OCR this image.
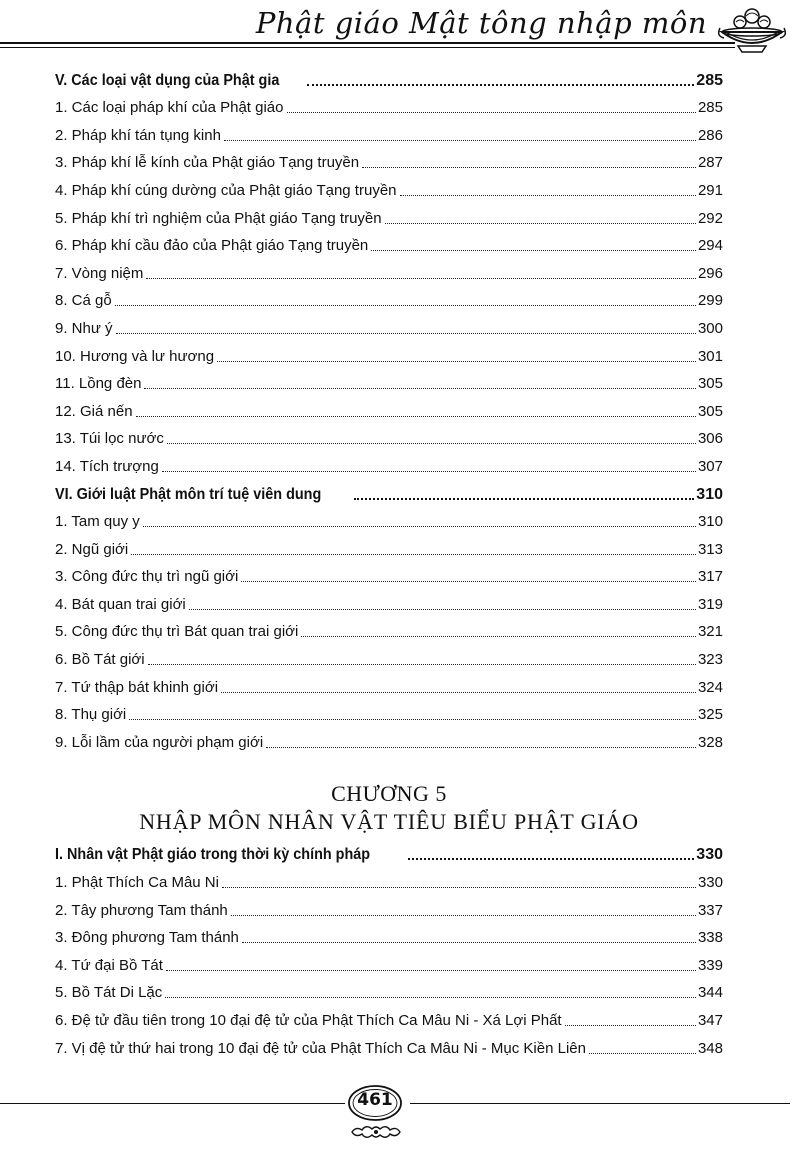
Phật giáo Mật tông nhập môn
V. Các loại vật dụng của Phật gia	285
1. Các loại pháp khí của Phật giáo	285
2. Pháp khí tán tụng kinh	286
3. Pháp khí lễ kính của Phật giáo Tạng truyền	287
4. Pháp khí cúng dường của Phật giáo Tạng truyền	291
5. Pháp khí trì nghiệm của Phật giáo Tạng truyền	292
6. Pháp khí cầu đảo của Phật giáo Tạng truyền	294
7. Vòng niệm	296
8. Cá gỗ	299
9. Như ý	300
10. Hương và lư hương	301
11. Lồng đèn	305
12. Giá nến	305
13. Túi lọc nước	306
14. Tích trượng	307
VI. Giới luật Phật môn trí tuệ viên dung	310
1. Tam quy y	310
2. Ngũ giới	313
3. Công đức thụ trì ngũ giới	317
4. Bát quan trai giới	319
5. Công đức thụ trì Bát quan trai giới	321
6. Bồ Tát giới	323
7. Tứ thập bát khinh giới	324
8. Thụ giới	325
9. Lỗi lầm của người phạm giới	328
CHƯƠNG 5
NHẬP MÔN NHÂN VẬT TIÊU BIỂU PHẬT GIÁO
I. Nhân vật Phật giáo trong thời kỳ chính pháp	330
1. Phật Thích Ca Mâu Ni	330
2. Tây phương Tam thánh	337
3. Đông phương Tam thánh	338
4. Tứ đại Bồ Tát	339
5. Bồ Tát Di Lặc	344
6. Đệ tử đầu tiên trong 10 đại đệ tử của Phật Thích Ca Mâu Ni - Xá Lợi Phất	347
7. Vị đệ tử thứ hai trong 10 đại đệ tử của Phật Thích Ca Mâu Ni - Mục Kiền Liên	348
461
